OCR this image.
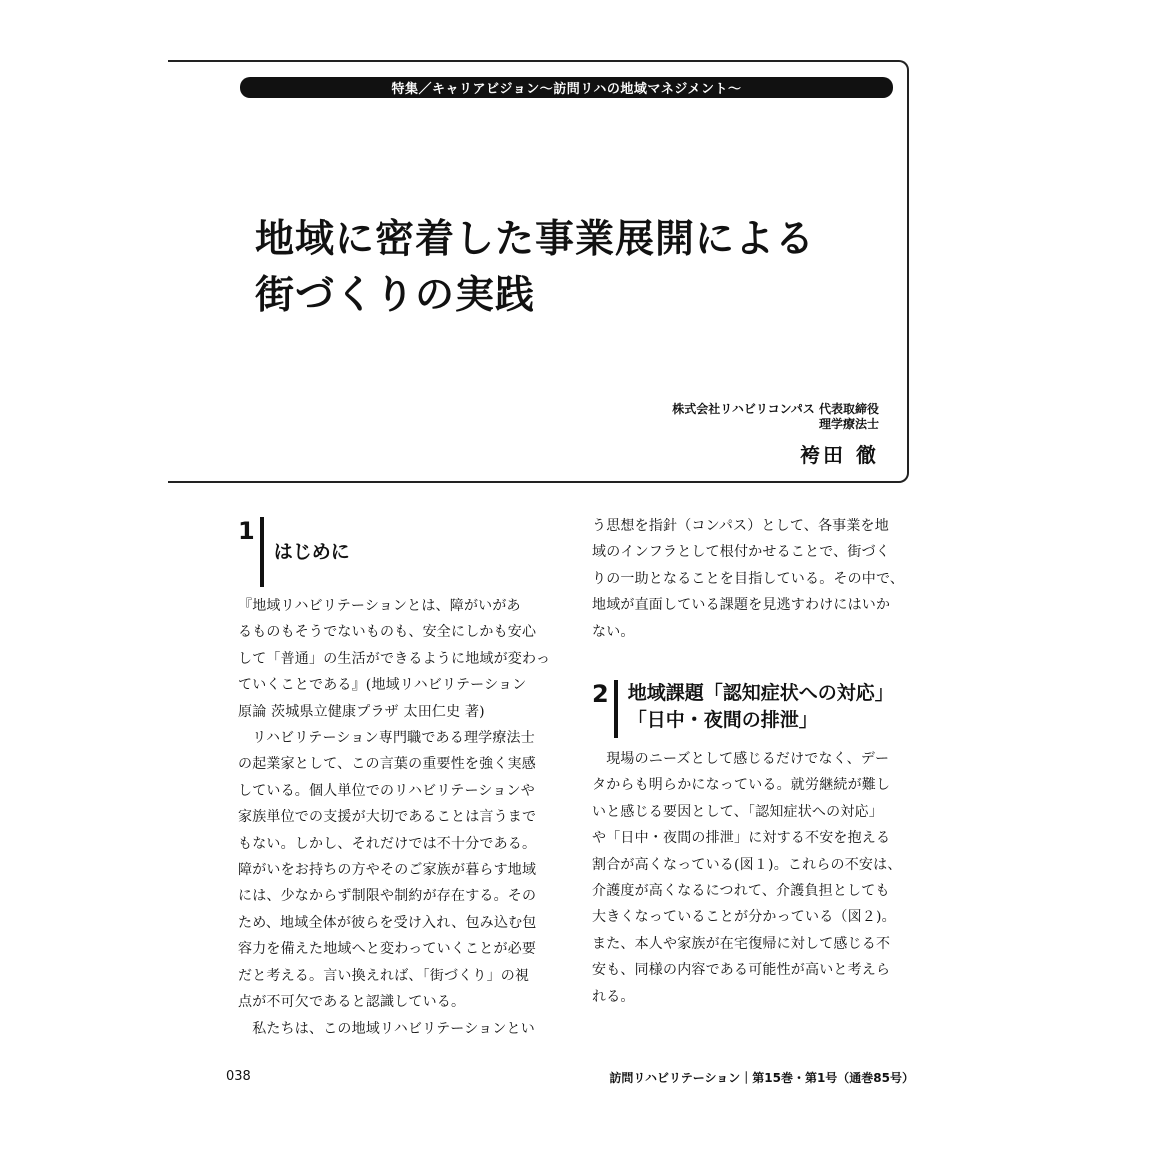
特集／キャリアビジョン〜訪問リハの地域マネジメント〜
地域に密着した事業展開による
街づくりの実践
株式会社リハビリコンパス 代表取締役
理学療法士
袴田 徹
1
はじめに
『地域リハビリテーションとは、障がいがあ
るものもそうでないものも、安全にしかも安心
して「普通」の生活ができるように地域が変わっ
ていくことである』(地域リハビリテーション
原論 茨城県立健康プラザ 太田仁史 著)
　リハビリテーション専門職である理学療法士
の起業家として、この言葉の重要性を強く実感
している。個人単位でのリハビリテーションや
家族単位での支援が大切であることは言うまで
もない。しかし、それだけでは不十分である。
障がいをお持ちの方やそのご家族が暮らす地域
には、少なからず制限や制約が存在する。その
ため、地域全体が彼らを受け入れ、包み込む包
容力を備えた地域へと変わっていくことが必要
だと考える。言い換えれば、「街づくり」の視
点が不可欠であると認識している。
　私たちは、この地域リハビリテーションとい
う思想を指針（コンパス）として、各事業を地
域のインフラとして根付かせることで、街づく
りの一助となることを目指している。その中で、
地域が直面している課題を見逃すわけにはいか
ない。
2 地域課題「認知症状への対応」
「日中・夜間の排泄」
　現場のニーズとして感じるだけでなく、デー
タからも明らかになっている。就労継続が難し
いと感じる要因として、「認知症状への対応」
や「日中・夜間の排泄」に対する不安を抱える
割合が高くなっている(図１)。これらの不安は、
介護度が高くなるにつれて、介護負担としても
大きくなっていることが分かっている（図２)。
また、本人や家族が在宅復帰に対して感じる不
安も、同様の内容である可能性が高いと考えら
れる。
038	訪問リハビリテーション｜第15巻・第1号（通巻85号）
